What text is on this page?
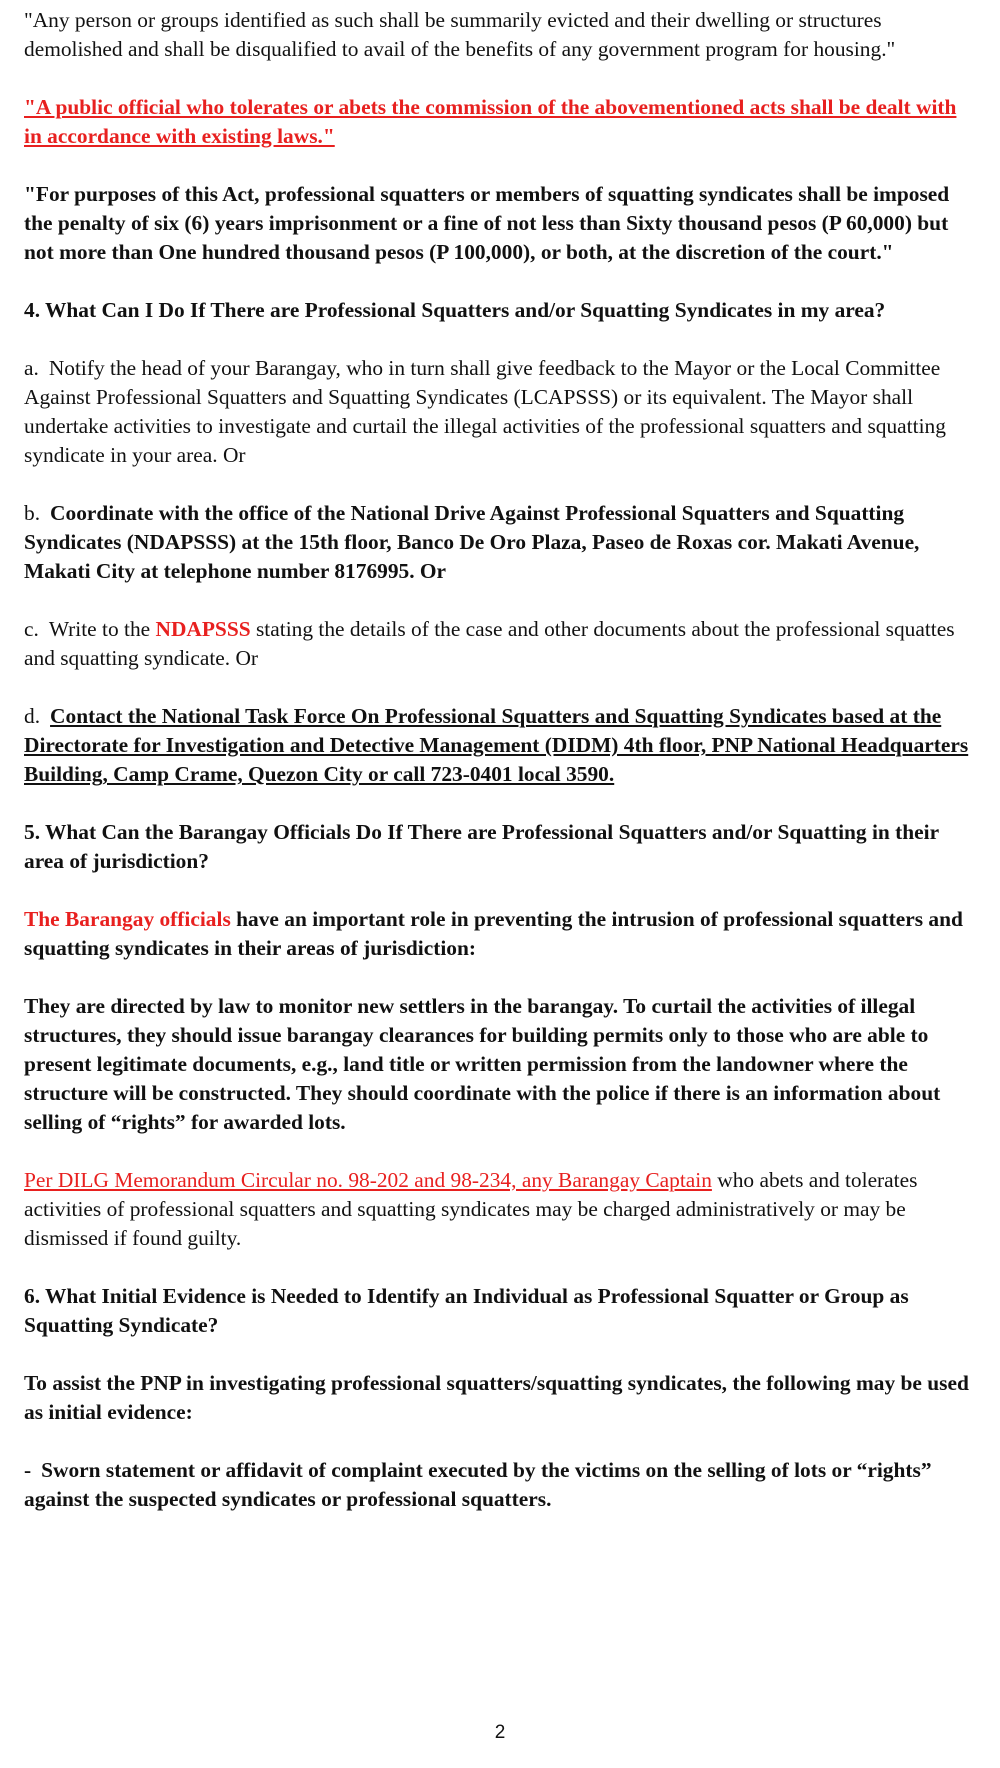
"Any person or groups identified as such shall be summarily evicted and their dwelling or structures demolished and shall be disqualified to avail of the benefits of any government program for housing."

"A public official who tolerates or abets the commission of the abovementioned acts shall be dealt with in accordance with existing laws."

"For purposes of this Act, professional squatters or members of squatting syndicates shall be imposed the penalty of six (6) years imprisonment or a fine of not less than Sixty thousand pesos (P 60,000) but not more than One hundred thousand pesos (P 100,000), or both, at the discretion of the court."

4. What Can I Do If There are Professional Squatters and/or Squatting Syndicates in my area?

a. Notify the head of your Barangay, who in turn shall give feedback to the Mayor or the Local Committee Against Professional Squatters and Squatting Syndicates (LCAPSSS) or its equivalent. The Mayor shall undertake activities to investigate and curtail the illegal activities of the professional squatters and squatting syndicate in your area. Or

b. Coordinate with the office of the National Drive Against Professional Squatters and Squatting Syndicates (NDAPSSS) at the 15th floor, Banco De Oro Plaza, Paseo de Roxas cor. Makati Avenue, Makati City at telephone number 8176995. Or

c. Write to the NDAPSSS stating the details of the case and other documents about the professional squattes and squatting syndicate. Or

d. Contact the National Task Force On Professional Squatters and Squatting Syndicates based at the Directorate for Investigation and Detective Management (DIDM) 4th floor, PNP National Headquarters Building, Camp Crame, Quezon City or call 723-0401 local 3590.

5. What Can the Barangay Officials Do If There are Professional Squatters and/or Squatting in their area of jurisdiction?

The Barangay officials have an important role in preventing the intrusion of professional squatters and squatting syndicates in their areas of jurisdiction:

They are directed by law to monitor new settlers in the barangay. To curtail the activities of illegal structures, they should issue barangay clearances for building permits only to those who are able to present legitimate documents, e.g., land title or written permission from the landowner where the structure will be constructed. They should coordinate with the police if there is an information about selling of “rights” for awarded lots.

Per DILG Memorandum Circular no. 98-202 and 98-234, any Barangay Captain who abets and tolerates activities of professional squatters and squatting syndicates may be charged administratively or may be dismissed if found guilty.

6. What Initial Evidence is Needed to Identify an Individual as Professional Squatter or Group as Squatting Syndicate?

To assist the PNP in investigating professional squatters/squatting syndicates, the following may be used as initial evidence:

- Sworn statement or affidavit of complaint executed by the victims on the selling of lots or “rights” against the suspected syndicates or professional squatters.

2
